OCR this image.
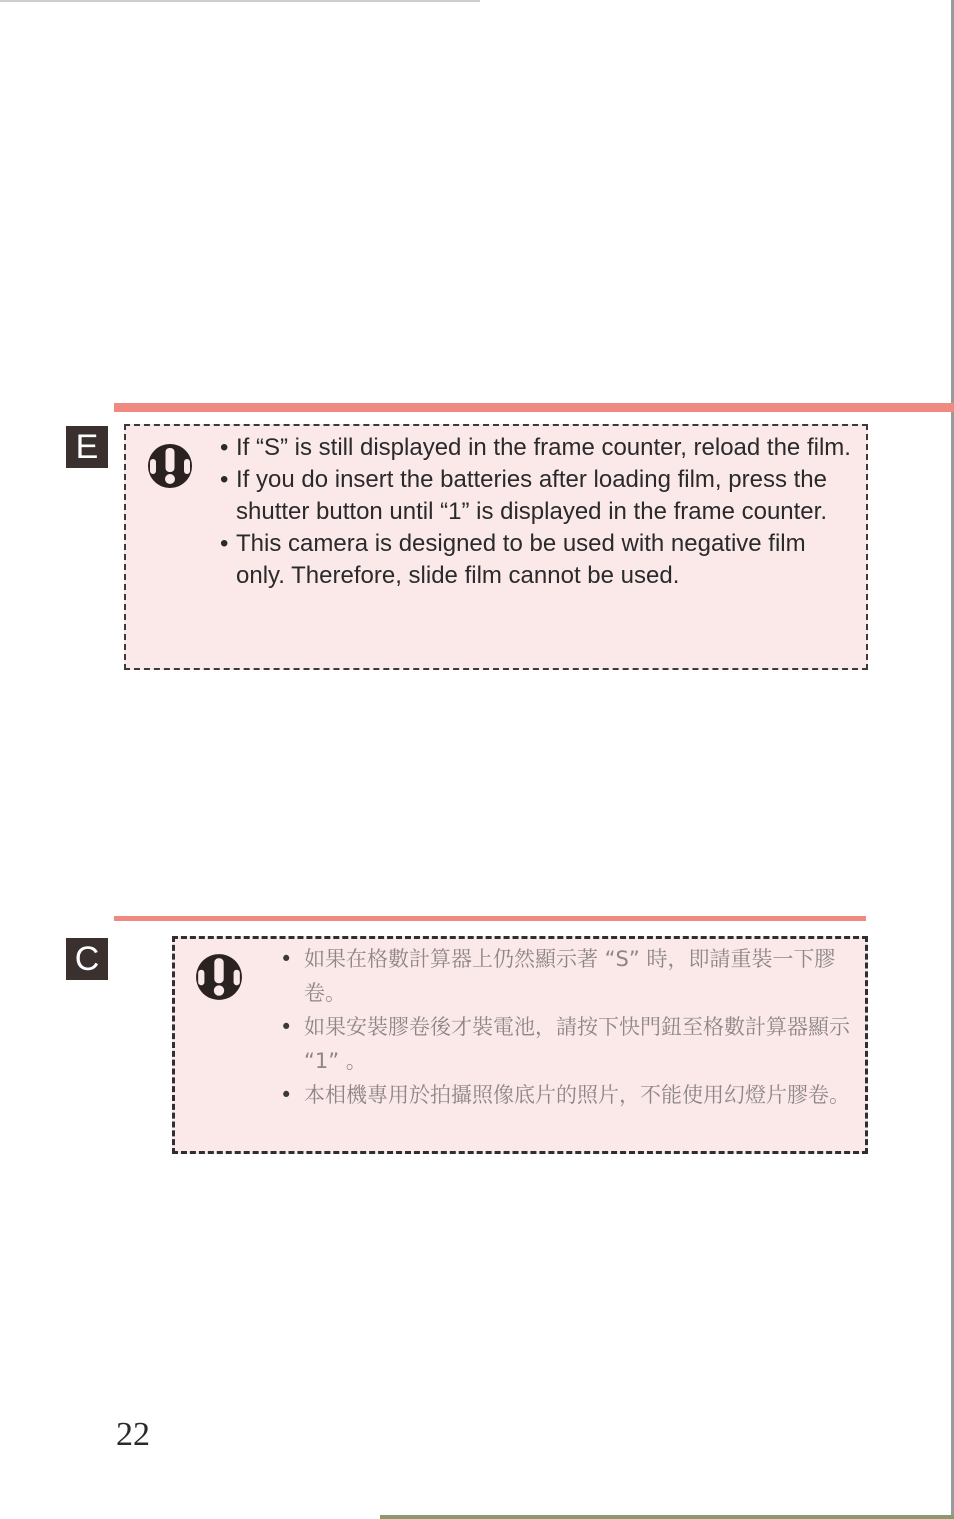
E	• If “S” is still displayed in the frame counter, reload the film.
• If you do insert the batteries after loading film, press the shutter button until “1” is displayed in the frame counter.
• This camera is designed to be used with negative film only. Therefore, slide film cannot be used.
C	• 如果在格數計算器上仍然顯示著 “S” 時，即請重裝一下膠卷。
• 如果安裝膠卷後才裝電池，請按下快門鈕至格數計算器顯示 “1” 。
• 本相機專用於拍攝照像底片的照片，不能使用幻燈片膠卷。
22
